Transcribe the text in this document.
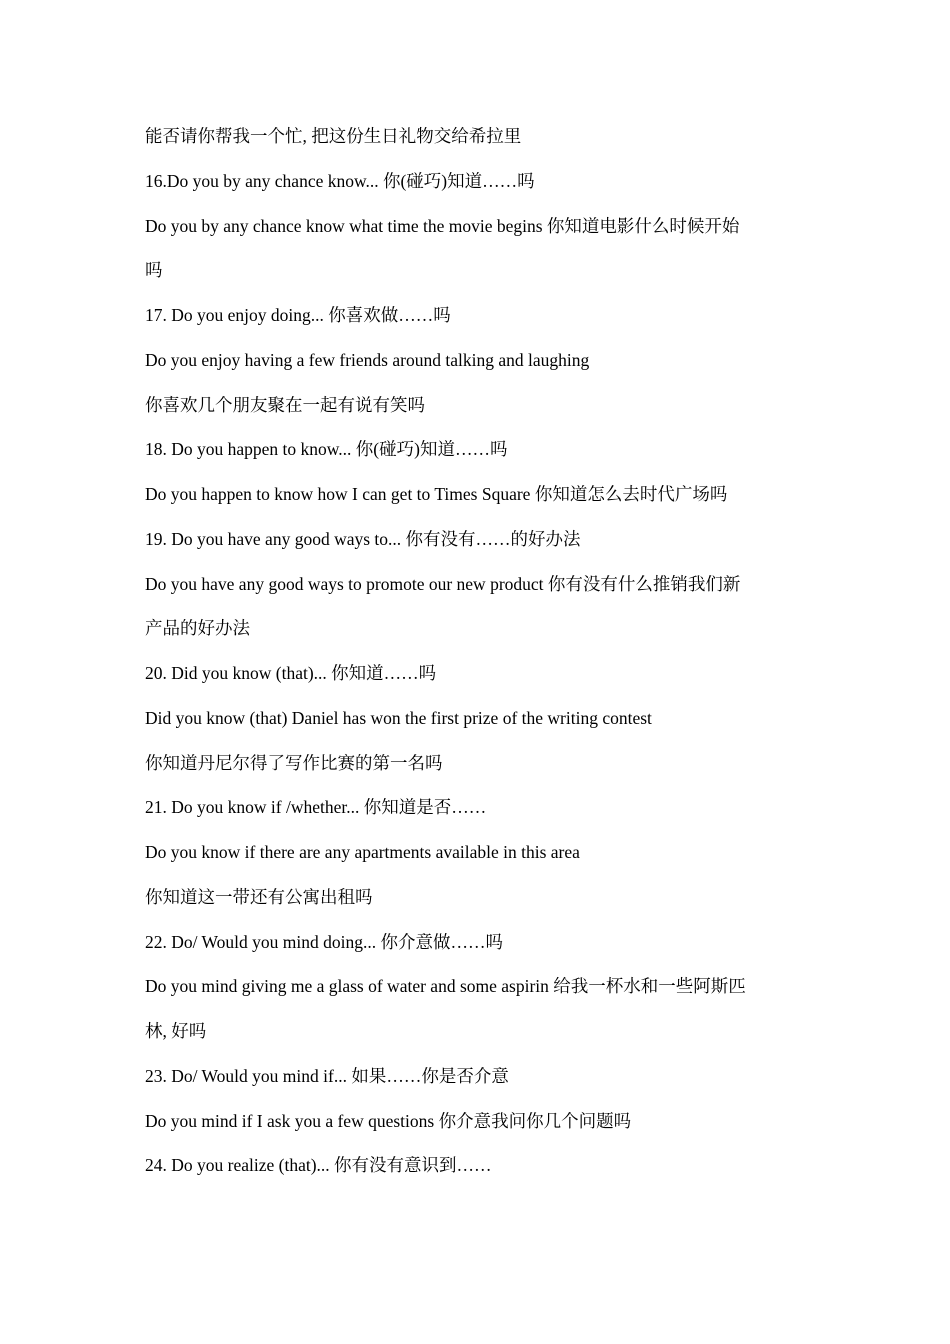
能否请你帮我一个忙, 把这份生日礼物交给希拉里
16.Do you by any chance know... 你(碰巧)知道……吗
Do you by any chance know what time the movie begins 你知道电影什么时候开始
吗
17. Do you enjoy doing... 你喜欢做……吗
Do you enjoy having a few friends around talking and laughing
你喜欢几个朋友聚在一起有说有笑吗
18. Do you happen to know... 你(碰巧)知道……吗
Do you happen to know how I can get to Times Square 你知道怎么去时代广场吗
19. Do you have any good ways to... 你有没有……的好办法
Do you have any good ways to promote our new product 你有没有什么推销我们新
产品的好办法
20. Did you know (that)... 你知道……吗
Did you know (that) Daniel has won the first prize of the writing contest
你知道丹尼尔得了写作比赛的第一名吗
21. Do you know if /whether... 你知道是否……
Do you know if there are any apartments available in this area
你知道这一带还有公寓出租吗
22. Do/ Would you mind doing... 你介意做……吗
Do you mind giving me a glass of water and some aspirin 给我一杯水和一些阿斯匹
林, 好吗
23. Do/ Would you mind if... 如果……你是否介意
Do you mind if I ask you a few questions 你介意我问你几个问题吗
24. Do you realize (that)... 你有没有意识到……
